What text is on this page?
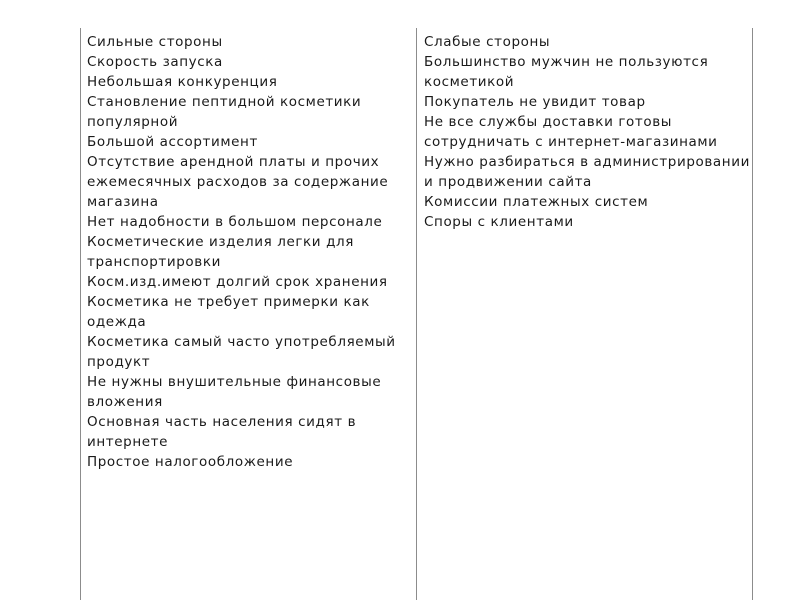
Сильные стороны
Скорость запуска
Небольшая конкуренция
Становление пептидной косметики популярной
Большой ассортимент
Отсутствие арендной платы и прочих ежемесячных расходов за содержание магазина
Нет надобности в большом персонале
Косметические изделия легки для транспортировки
Косм.изд.имеют долгий срок хранения
Косметика не требует примерки как одежда
Косметика самый часто употребляемый продукт
Не нужны внушительные финансовые вложения
Основная часть населения сидят в интернете
Простое налогообложение
Слабые стороны
Большинство мужчин не пользуются косметикой
Покупатель не увидит товар
Не все службы доставки готовы сотрудничать с интернет-магазинами
Нужно разбираться в администрировании и продвижении сайта
Комиссии платежных систем
Споры с клиентами
